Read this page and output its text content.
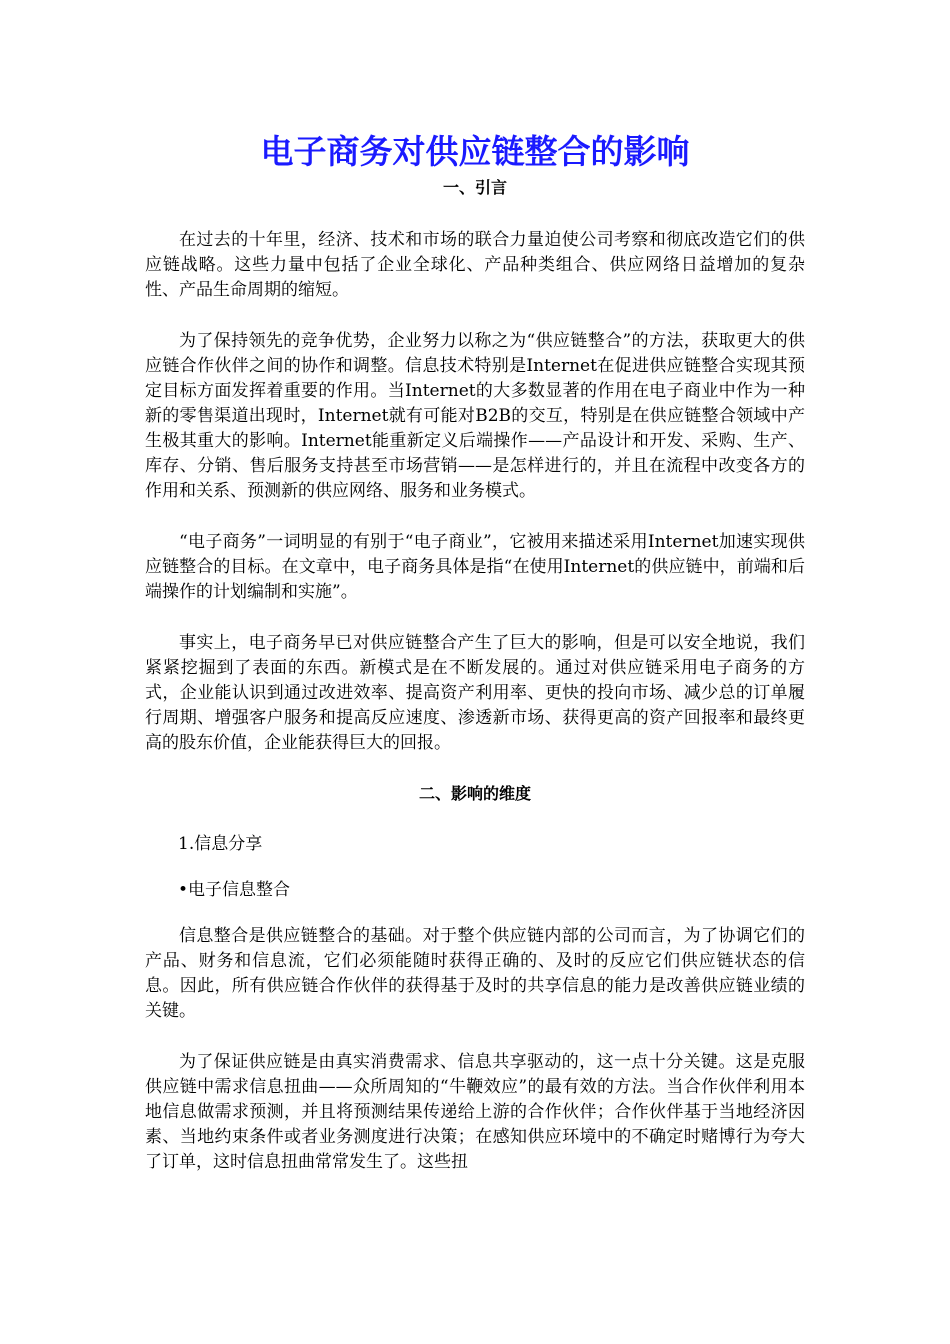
电子商务对供应链整合的影响
一、引言

在过去的十年里，经济、技术和市场的联合力量迫使公司考察和彻底改造它们的供应链战略。这些力量中包括了企业全球化、产品种类组合、供应网络日益增加的复杂性、产品生命周期的缩短。

为了保持领先的竞争优势，企业努力以称之为“供应链整合”的方法，获取更大的供应链合作伙伴之间的协作和调整。信息技术特别是Internet在促进供应链整合实现其预定目标方面发挥着重要的作用。当Internet的大多数显著的作用在电子商业中作为一种新的零售渠道出现时，Internet就有可能对B2B的交互，特别是在供应链整合领域中产生极其重大的影响。Internet能重新定义后端操作——产品设计和开发、采购、生产、库存、分销、售后服务支持甚至市场营销——是怎样进行的，并且在流程中改变各方的作用和关系、预测新的供应网络、服务和业务模式。

“电子商务”一词明显的有别于“电子商业”，它被用来描述采用Internet加速实现供应链整合的目标。在文章中，电子商务具体是指“在使用Internet的供应链中，前端和后端操作的计划编制和实施”。

事实上，电子商务早已对供应链整合产生了巨大的影响，但是可以安全地说，我们紧紧挖掘到了表面的东西。新模式是在不断发展的。通过对供应链采用电子商务的方式，企业能认识到通过改进效率、提高资产利用率、更快的投向市场、减少总的订单履行周期、增强客户服务和提高反应速度、渗透新市场、获得更高的资产回报率和最终更高的股东价值，企业能获得巨大的回报。

二、影响的维度
1.信息分享
•电子信息整合

信息整合是供应链整合的基础。对于整个供应链内部的公司而言，为了协调它们的产品、财务和信息流，它们必须能随时获得正确的、及时的反应它们供应链状态的信息。因此，所有供应链合作伙伴的获得基于及时的共享信息的能力是改善供应链业绩的关键。

为了保证供应链是由真实消费需求、信息共享驱动的，这一点十分关键。这是克服供应链中需求信息扭曲——众所周知的“牛鞭效应”的最有效的方法。当合作伙伴利用本地信息做需求预测，并且将预测结果传递给上游的合作伙伴；合作伙伴基于当地经济因素、当地约束条件或者业务测度进行决策；在感知供应环境中的不确定时赌博行为夸大了订单，这时信息扭曲常常发生了。这些扭
